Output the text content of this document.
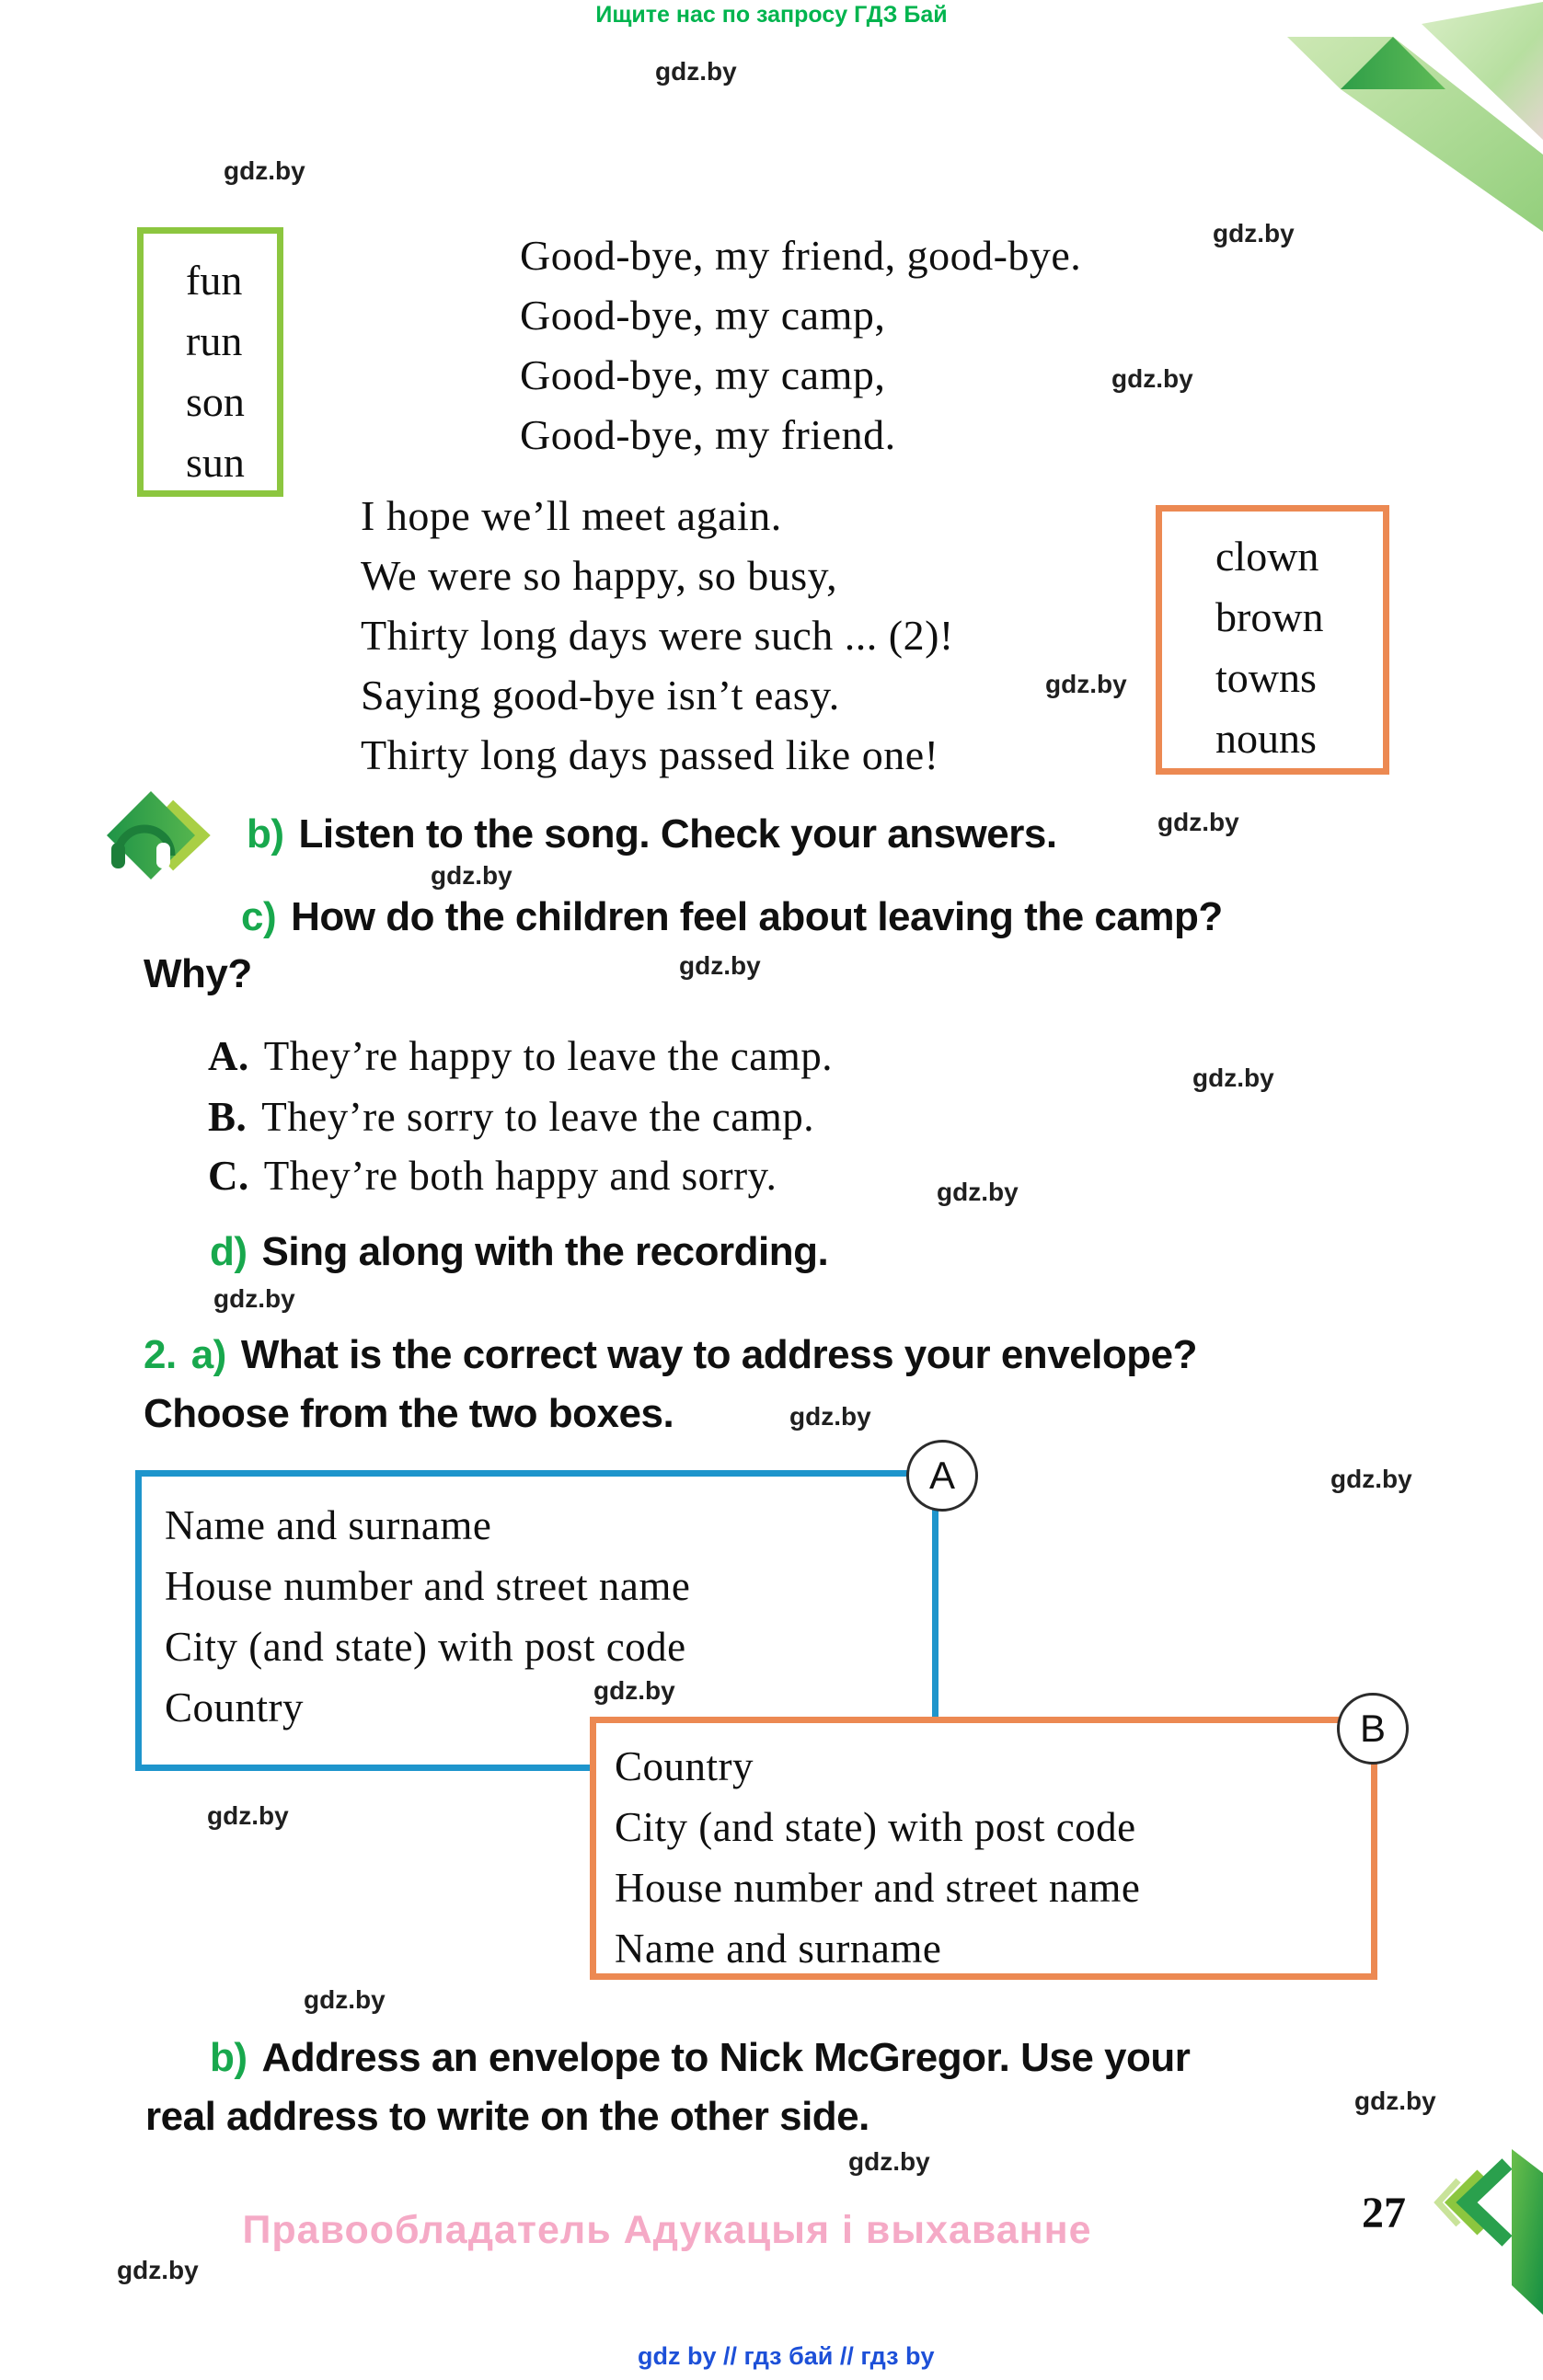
Ищите нас по запросу ГДЗ Бай
fun
run
son
sun
Good-bye, my friend, good-bye.
Good-bye, my camp,
Good-bye, my camp,
Good-bye, my friend.
I hope we’ll meet again.
We were so happy, so busy,
Thirty long days were such ... (2)!
Saying good-bye isn’t easy.
Thirty long days passed like one!
clown
brown
towns
nouns
b) Listen to the song. Check your answers.
c) How do the children feel about leaving the camp?
Why?
A. They’re happy to leave the camp.
B. They’re sorry to leave the camp.
C. They’re both happy and sorry.
d) Sing along with the recording.
2. a) What is the correct way to address your envelope?
Choose from the two boxes.
Name and surname
House number and street name
City (and state) with post code
Country
Country
City (and state) with post code
House number and street name
Name and surname
A
B
b) Address an envelope to Nick McGregor. Use your
real address to write on the other side.
Правообладатель Адукацыя і выхаванне	27
gdz by // гдз бай // гдз by
gdz.by
gdz.by
gdz.by
gdz.by
gdz.by
gdz.by
gdz.by
gdz.by
gdz.by
gdz.by
gdz.by
gdz.by
gdz.by
gdz.by
gdz.by
gdz.by
gdz.by
gdz.by
gdz.by
